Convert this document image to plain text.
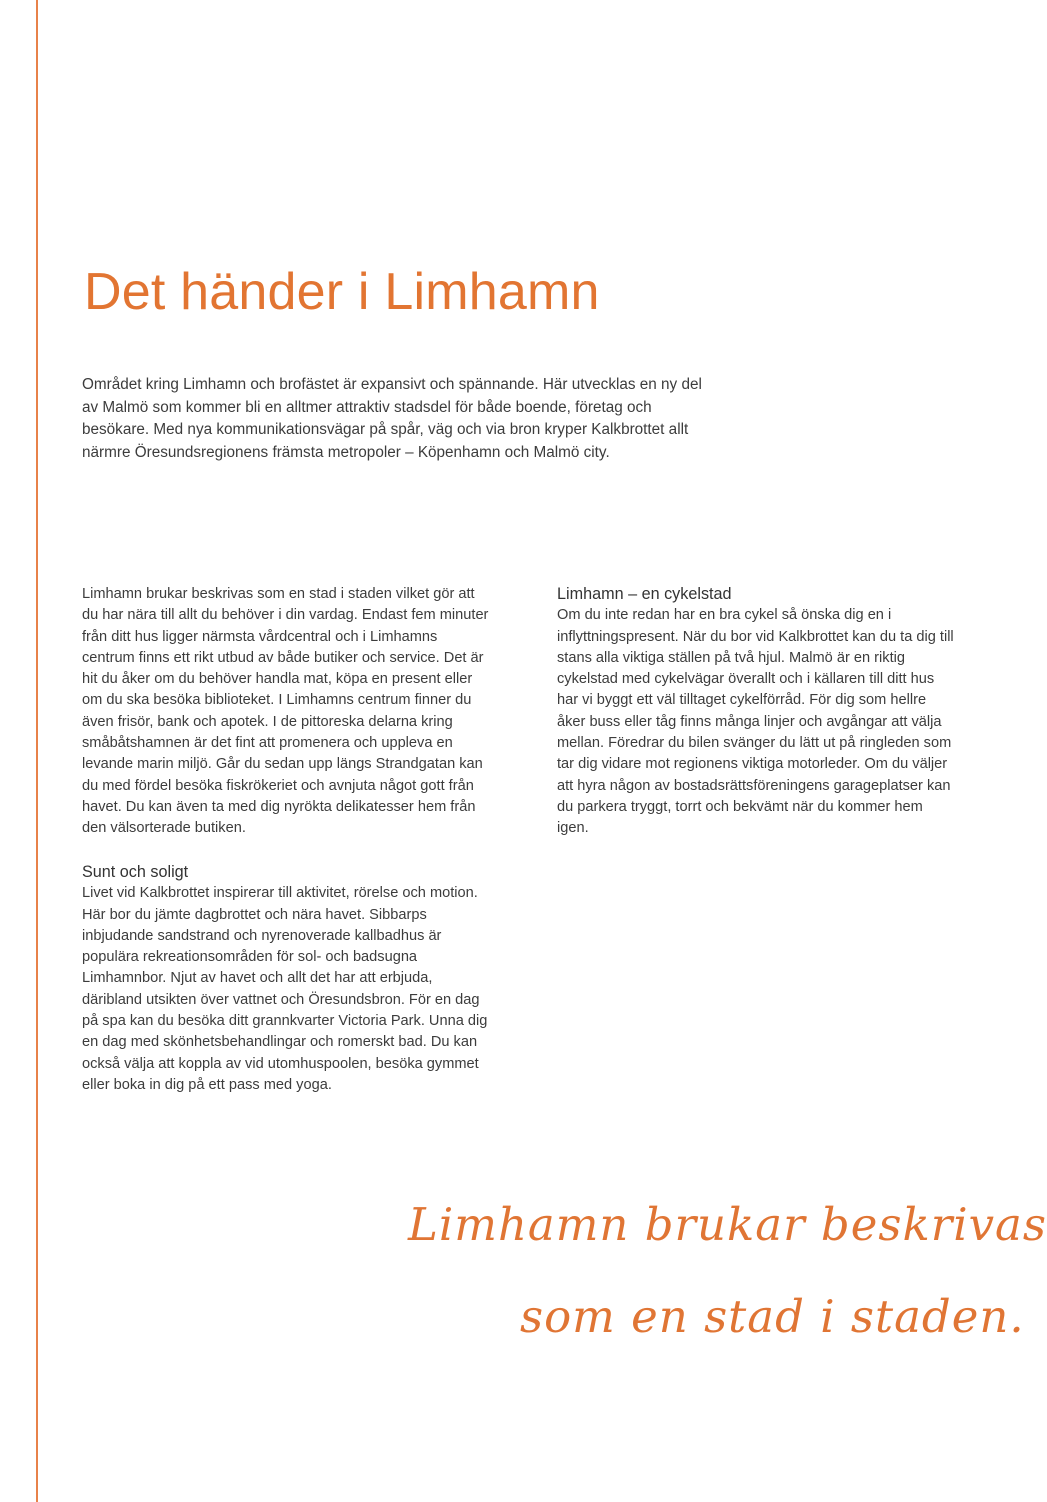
Det händer i Limhamn

Området kring Limhamn och brofästet är expansivt och spännande. Här utvecklas en ny del av Malmö som kommer bli en alltmer attraktiv stadsdel för både boende, företag och besökare. Med nya kommunikationsvägar på spår, väg och via bron kryper Kalkbrottet allt närmre Öresundsregionens främsta metropoler – Köpenhamn och Malmö city.

Limhamn brukar beskrivas som en stad i staden vilket gör att du har nära till allt du behöver i din vardag. Endast fem minuter från ditt hus ligger närmsta vårdcentral och i Limhamns centrum finns ett rikt utbud av både butiker och service. Det är hit du åker om du behöver handla mat, köpa en present eller om du ska besöka biblioteket. I Limhamns centrum finner du även frisör, bank och apotek. I de pittoreska delarna kring småbåtshamnen är det fint att promenera och uppleva en levande marin miljö. Går du sedan upp längs Strandgatan kan du med fördel besöka fiskrökeriet och avnjuta något gott från havet. Du kan även ta med dig nyrökta delikatesser hem från den välsorterade butiken.

Sunt och soligt

Livet vid Kalkbrottet inspirerar till aktivitet, rörelse och motion. Här bor du jämte dagbrottet och nära havet. Sibbarps inbjudande sandstrand och nyrenoverade kallbadhus är populära rekreationsområden för sol- och badsugna Limhamnbor. Njut av havet och allt det har att erbjuda, däribland utsikten över vattnet och Öresundsbron. För en dag på spa kan du besöka ditt grannkvarter Victoria Park. Unna dig en dag med skönhetsbehandlingar och romerskt bad. Du kan också välja att koppla av vid utomhuspoolen, besöka gymmet eller boka in dig på ett pass med yoga.

Limhamn – en cykelstad

Om du inte redan har en bra cykel så önska dig en i inflyttningspresent. När du bor vid Kalkbrottet kan du ta dig till stans alla viktiga ställen på två hjul. Malmö är en riktig cykelstad med cykelvägar överallt och i källaren till ditt hus har vi byggt ett väl tilltaget cykelförråd. För dig som hellre åker buss eller tåg finns många linjer och avgångar att välja mellan. Föredrar du bilen svänger du lätt ut på ringleden som tar dig vidare mot regionens viktiga motorleder. Om du väljer att hyra någon av bostadsrättsföreningens garageplatser kan du parkera tryggt, torrt och bekvämt när du kommer hem igen.

Limhamn brukar beskrivas

som en stad i staden.
